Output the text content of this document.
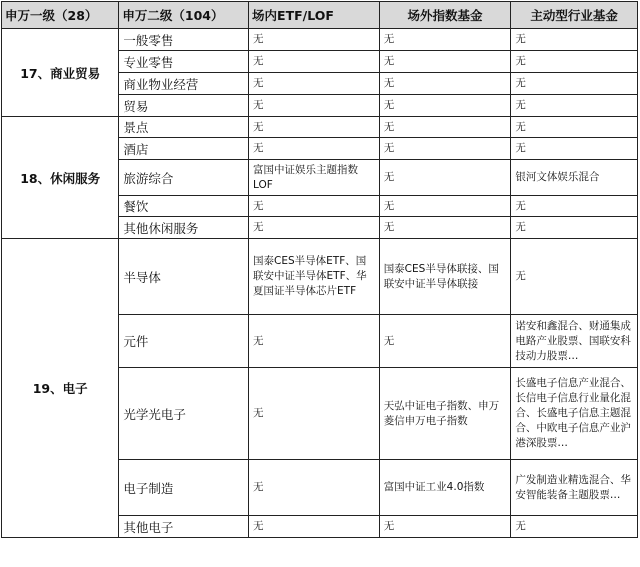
申万一级（28）	申万二级（104）	场内ETF/LOF	场外指数基金	主动型行业基金
17、商业贸易	一般零售	无	无	无
	专业零售	无	无	无
	商业物业经营	无	无	无
	贸易	无	无	无
18、休闲服务	景点	无	无	无
	酒店	无	无	无
	旅游综合	富国中证娱乐主题指数LOF	无	银河文体娱乐混合
	餐饮	无	无	无
	其他休闲服务	无	无	无
19、电子	半导体	国泰CES半导体ETF、国联安中证半导体ETF、华夏国证半导体芯片ETF	国泰CES半导体联接、国联安中证半导体联接	无
	元件	无	无	诺安和鑫混合、财通集成电路产业股票、国联安科技动力股票…
	光学光电子	无	天弘中证电子指数、申万菱信申万电子指数	长盛电子信息产业混合、长信电子信息行业量化混合、长盛电子信息主题混合、中欧电子信息产业沪港深股票…
	电子制造	无	富国中证工业4.0指数	广发制造业精选混合、华安智能装备主题股票…
	其他电子	无	无	无
